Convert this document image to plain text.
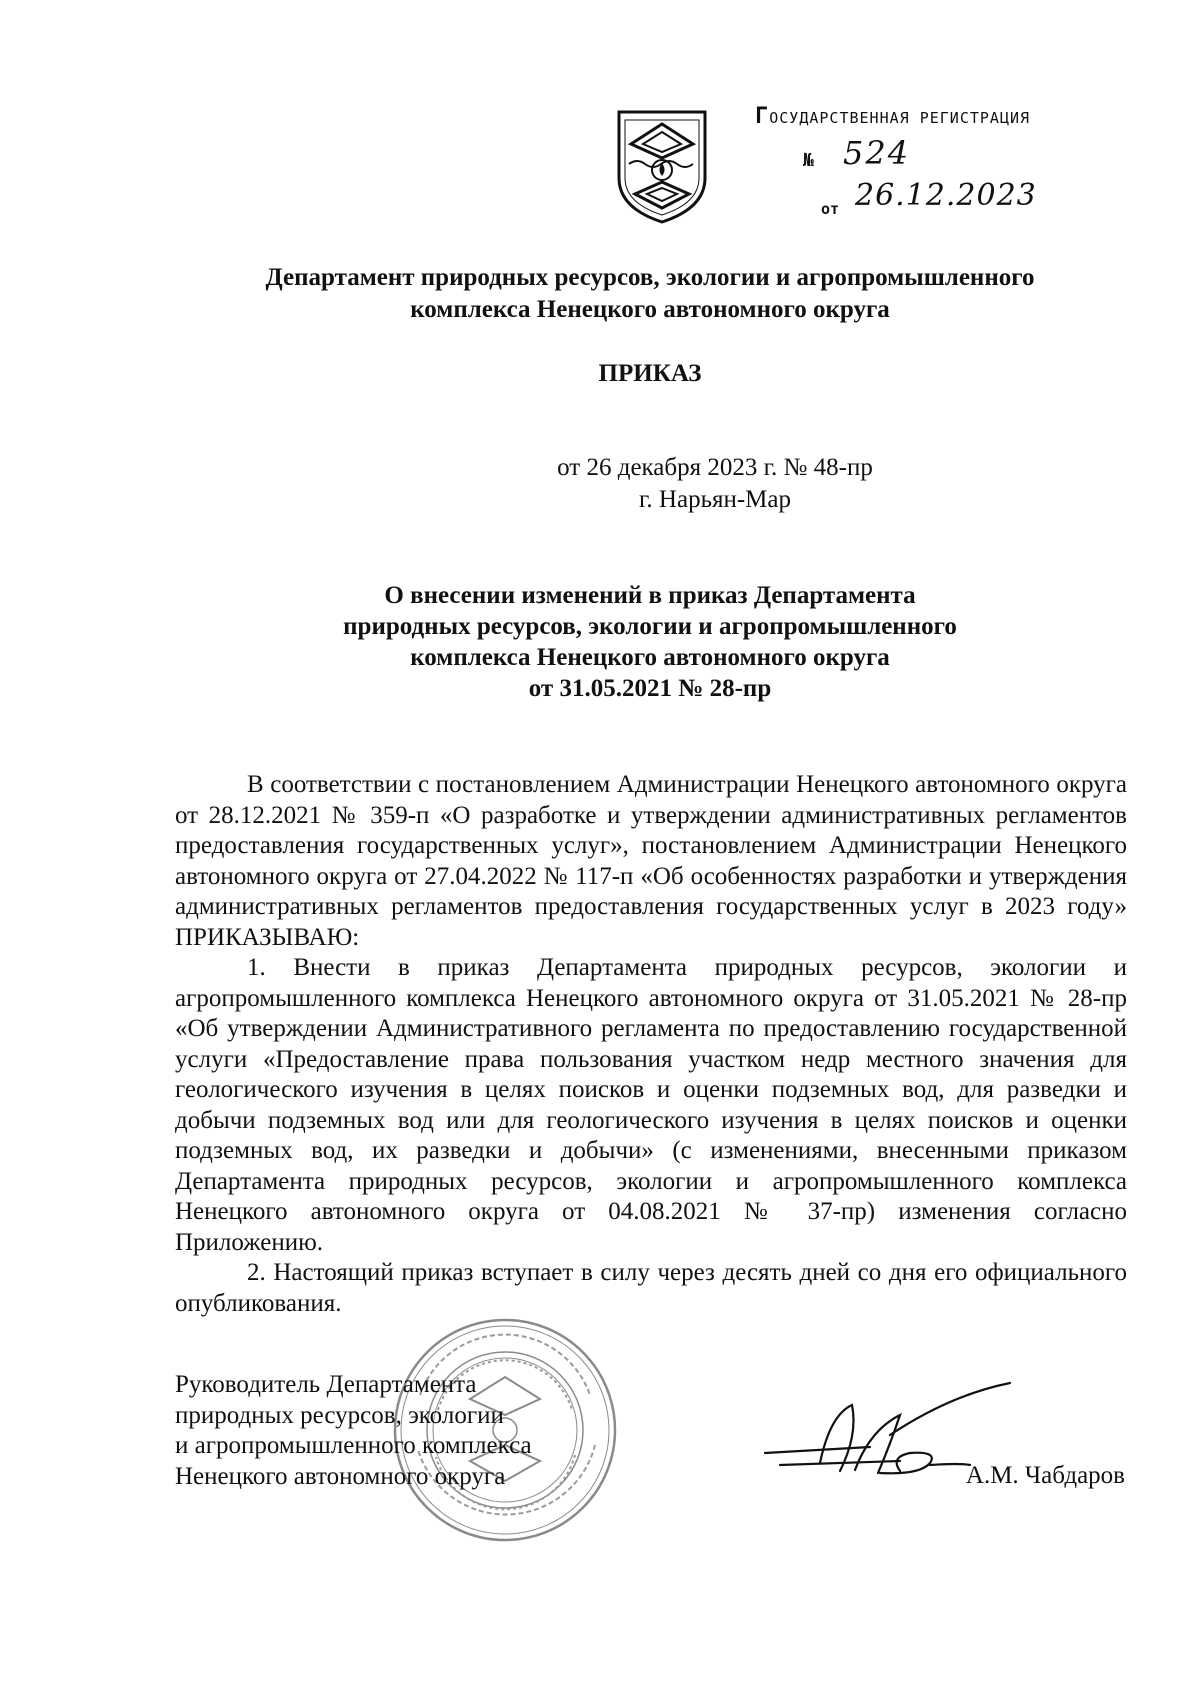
ГОСУДАРСТВЕННАЯ РЕГИСТРАЦИЯ
№ 524
от 26.12.2023
Департамент природных ресурсов, экологии и агропромышленного
комплекса Ненецкого автономного округа
ПРИКАЗ
от 26 декабря 2023 г. № 48-пр
г. Нарьян-Мар
О внесении изменений в приказ Департамента
природных ресурсов, экологии и агропромышленного
комплекса Ненецкого автономного округа
от 31.05.2021 № 28-пр

В соответствии с постановлением Администрации Ненецкого автономного округа от 28.12.2021 № 359-п «О разработке и утверждении административных регламентов предоставления государственных услуг», постановлением Администрации Ненецкого автономного округа от 27.04.2022 № 117-п «Об особенностях разработки и утверждения административных регламентов предоставления государственных услуг в 2023 году» ПРИКАЗЫВАЮ:

1. Внести в приказ Департамента природных ресурсов, экологии и агропромышленного комплекса Ненецкого автономного округа от 31.05.2021 № 28-пр «Об утверждении Административного регламента по предоставлению государственной услуги «Предоставление права пользования участком недр местного значения для геологического изучения в целях поисков и оценки подземных вод, для разведки и добычи подземных вод или для геологического изучения в целях поисков и оценки подземных вод, их разведки и добычи» (с изменениями, внесенными приказом Департамента природных ресурсов, экологии и агропромышленного комплекса Ненецкого автономного округа от 04.08.2021 № 37-пр) изменения согласно Приложению.

2. Настоящий приказ вступает в силу через десять дней со дня его официального опубликования.

Руководитель Департамента
природных ресурсов, экологии
и агропромышленного комплекса
Ненецкого автономного округа	А.М. Чабдаров
